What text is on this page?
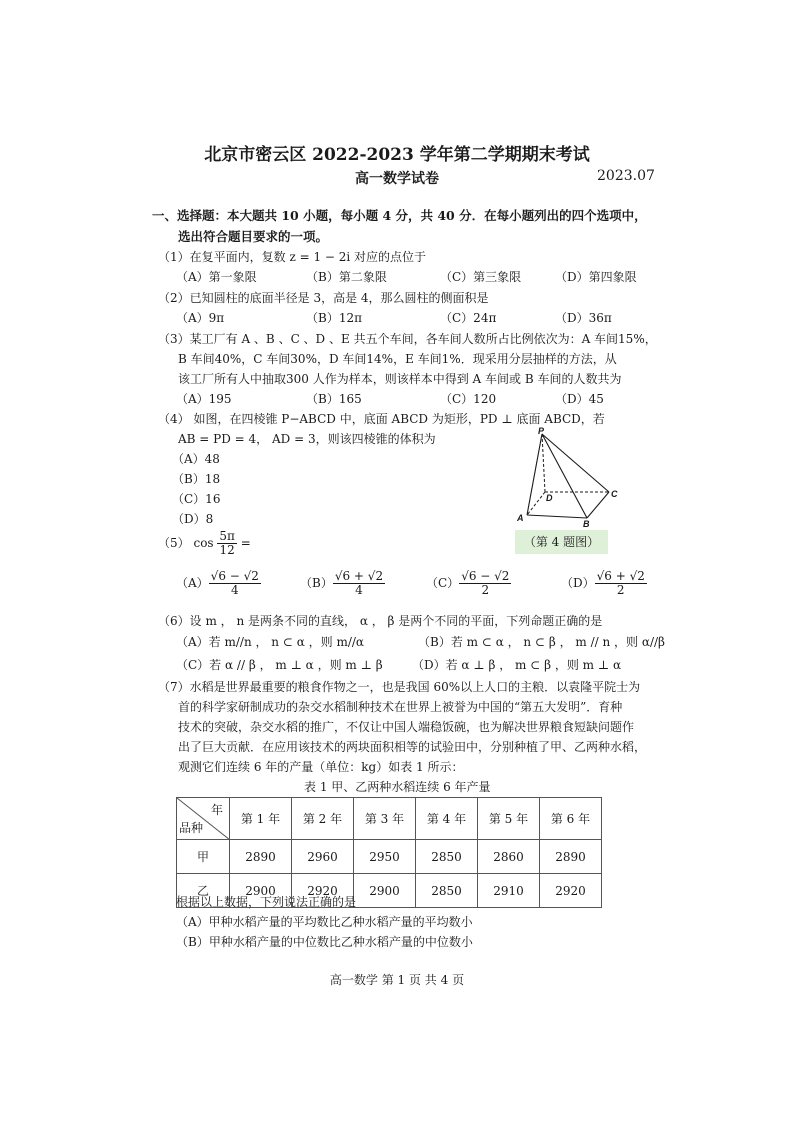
北京市密云区 2022-2023 学年第二学期期末考试
高一数学试卷	2023.07
一、选择题：本大题共 10 小题，每小题 4 分，共 40 分．在每小题列出的四个选项中，
选出符合题目要求的一项。
（1）在复平面内，复数 z = 1 − 2i 对应的点位于
（A）第一象限	（B）第二象限	（C）第三象限	（D）第四象限
（2）已知圆柱的底面半径是 3，高是 4，那么圆柱的侧面积是
（A）9π	（B）12π	（C）24π	（D）36π
（3）某工厂有 A 、B 、C 、D 、E 共五个车间，各车间人数所占比例依次为：A 车间15%，
B 车间40%，C 车间30%，D 车间14%，E 车间1%．现采用分层抽样的方法，从
该工厂所有人中抽取300 人作为样本，则该样本中得到 A 车间或 B 车间的人数共为
（A）195	（B）165	（C）120	（D）45
（4） 如图，在四棱锥 P−ABCD 中，底面 ABCD 为矩形，PD ⊥ 底面 ABCD，若
AB = PD = 4， AD = 3，则该四棱锥的体积为
（A）48
（B）18
（C）16
（D）8
P
A
B
C
D
（第 4 题图）
（5） $\cos \frac{5\pi}{12}$ =
$(A) \frac{√6 - √2}{4}$	$(B) \frac{√6 + √2}{4}$	$(C) \frac{√6 - √2}{2}$	$(D) \frac{√6 + √2}{2}$
（6）设 m ， n 是两条不同的直线， α ， β 是两个不同的平面，下列命题正确的是
（A）若 m//n ， n ⊂ α ，则 m//α	（B）若 m ⊂ α ， n ⊂ β ， m // n ，则 α//β
（C）若 α // β ， m ⊥ α ，则 m ⊥ β （D）若 α ⊥ β ， m ⊂ β ，则 m ⊥ α
（7）水稻是世界最重要的粮食作物之一，也是我国 60%以上人口的主粮．以袁隆平院士为
首的科学家研制成功的杂交水稻制种技术在世界上被誉为中国的“第五大发明”．育种
技术的突破，杂交水稻的推广，不仅让中国人端稳饭碗，也为解决世界粮食短缺问题作
出了巨大贡献．在应用该技术的两块面积相等的试验田中，分别种植了甲、乙两种水稻，
观测它们连续 6 年的产量（单位：kg）如表 1 所示：
表 1 甲、乙两种水稻连续 6 年产量
年
品种	第 1 年	第 2 年	第 3 年	第 4 年	第 5 年	第 6 年
甲	2890	2960	2950	2850	2860	2890
乙	2900	2920	2900	2850	2910	2920
根据以上数据，下列说法正确的是
（A）甲种水稻产量的平均数比乙种水稻产量的平均数小
（B）甲种水稻产量的中位数比乙种水稻产量的中位数小
高一数学 第 1 页 共 4 页
